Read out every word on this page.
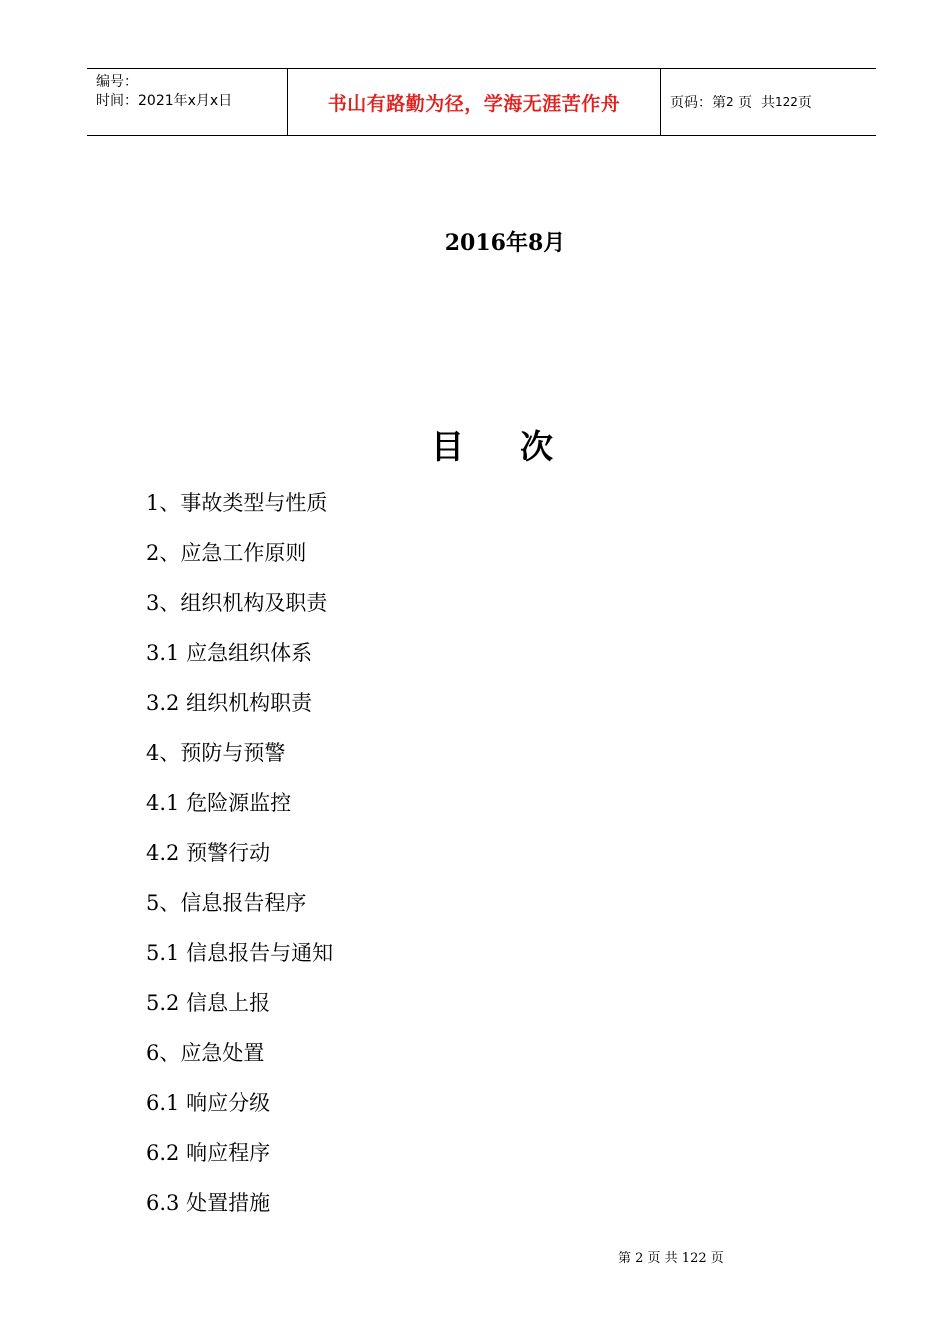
编号：
时间：2021年x月x日	书山有路勤为径，学海无涯苦作舟	页码：第 2
页  共 122 页
2016年8月
目次
1、事故类型与性质
2、应急工作原则
3、组织机构及职责
3.1 应急组织体系
3.2 组织机构职责
4、预防与预警
4.1 危险源监控
4.2 预警行动
5、信息报告程序
5.1 信息报告与通知
5.2 信息上报
6、应急处置
6.1 响应分级
6.2 响应程序
6.3 处置措施
第 2 页 共 122 页
